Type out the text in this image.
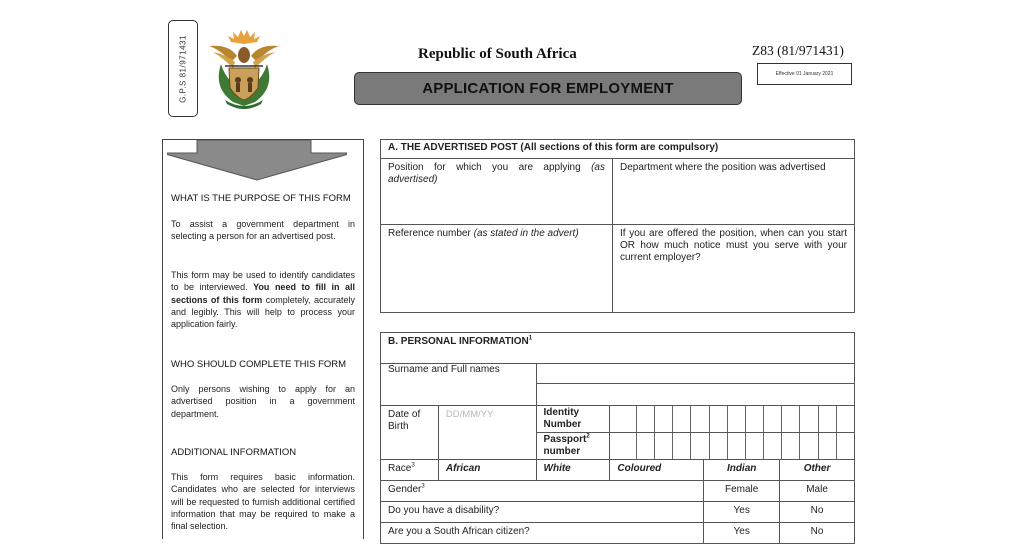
G.P.S 81/971431	Republic of South Africa
APPLICATION FOR EMPLOYMENT
Z83 (81/971431)
Effective 01 January 2021
WHAT IS THE PURPOSE OF THIS FORM

To assist a government department in selecting a person for an advertised post.

This form may be used to identify candidates to be interviewed. You need to fill in all sections of this form completely, accurately and legibly. This will help to process your application fairly.

WHO SHOULD COMPLETE THIS FORM

Only persons wishing to apply for an advertised position in a government department.

ADDITIONAL INFORMATION

This form requires basic information. Candidates who are selected for interviews will be requested to furnish additional certified information that may be required to make a final selection.

A. THE ADVERTISED POST (All sections of this form are compulsory)	
Position for which you are applying (as advertised)	Department where the position was advertised
Reference number (as stated in the advert)	If you are offered the position, when can you start OR how much notice must you serve with your current employer?
B. PERSONAL INFORMATION$^1$
Surname and Full names	

Date of Birth	DD/MM/YY	Identity Number	

Passport$^2$ number	

Race$^3$	African	White	Coloured	Indian	Other
Gender$^3$	Female	Male
Do you have a disability?	Yes	No
Are you a South African citizen?	Yes	No
